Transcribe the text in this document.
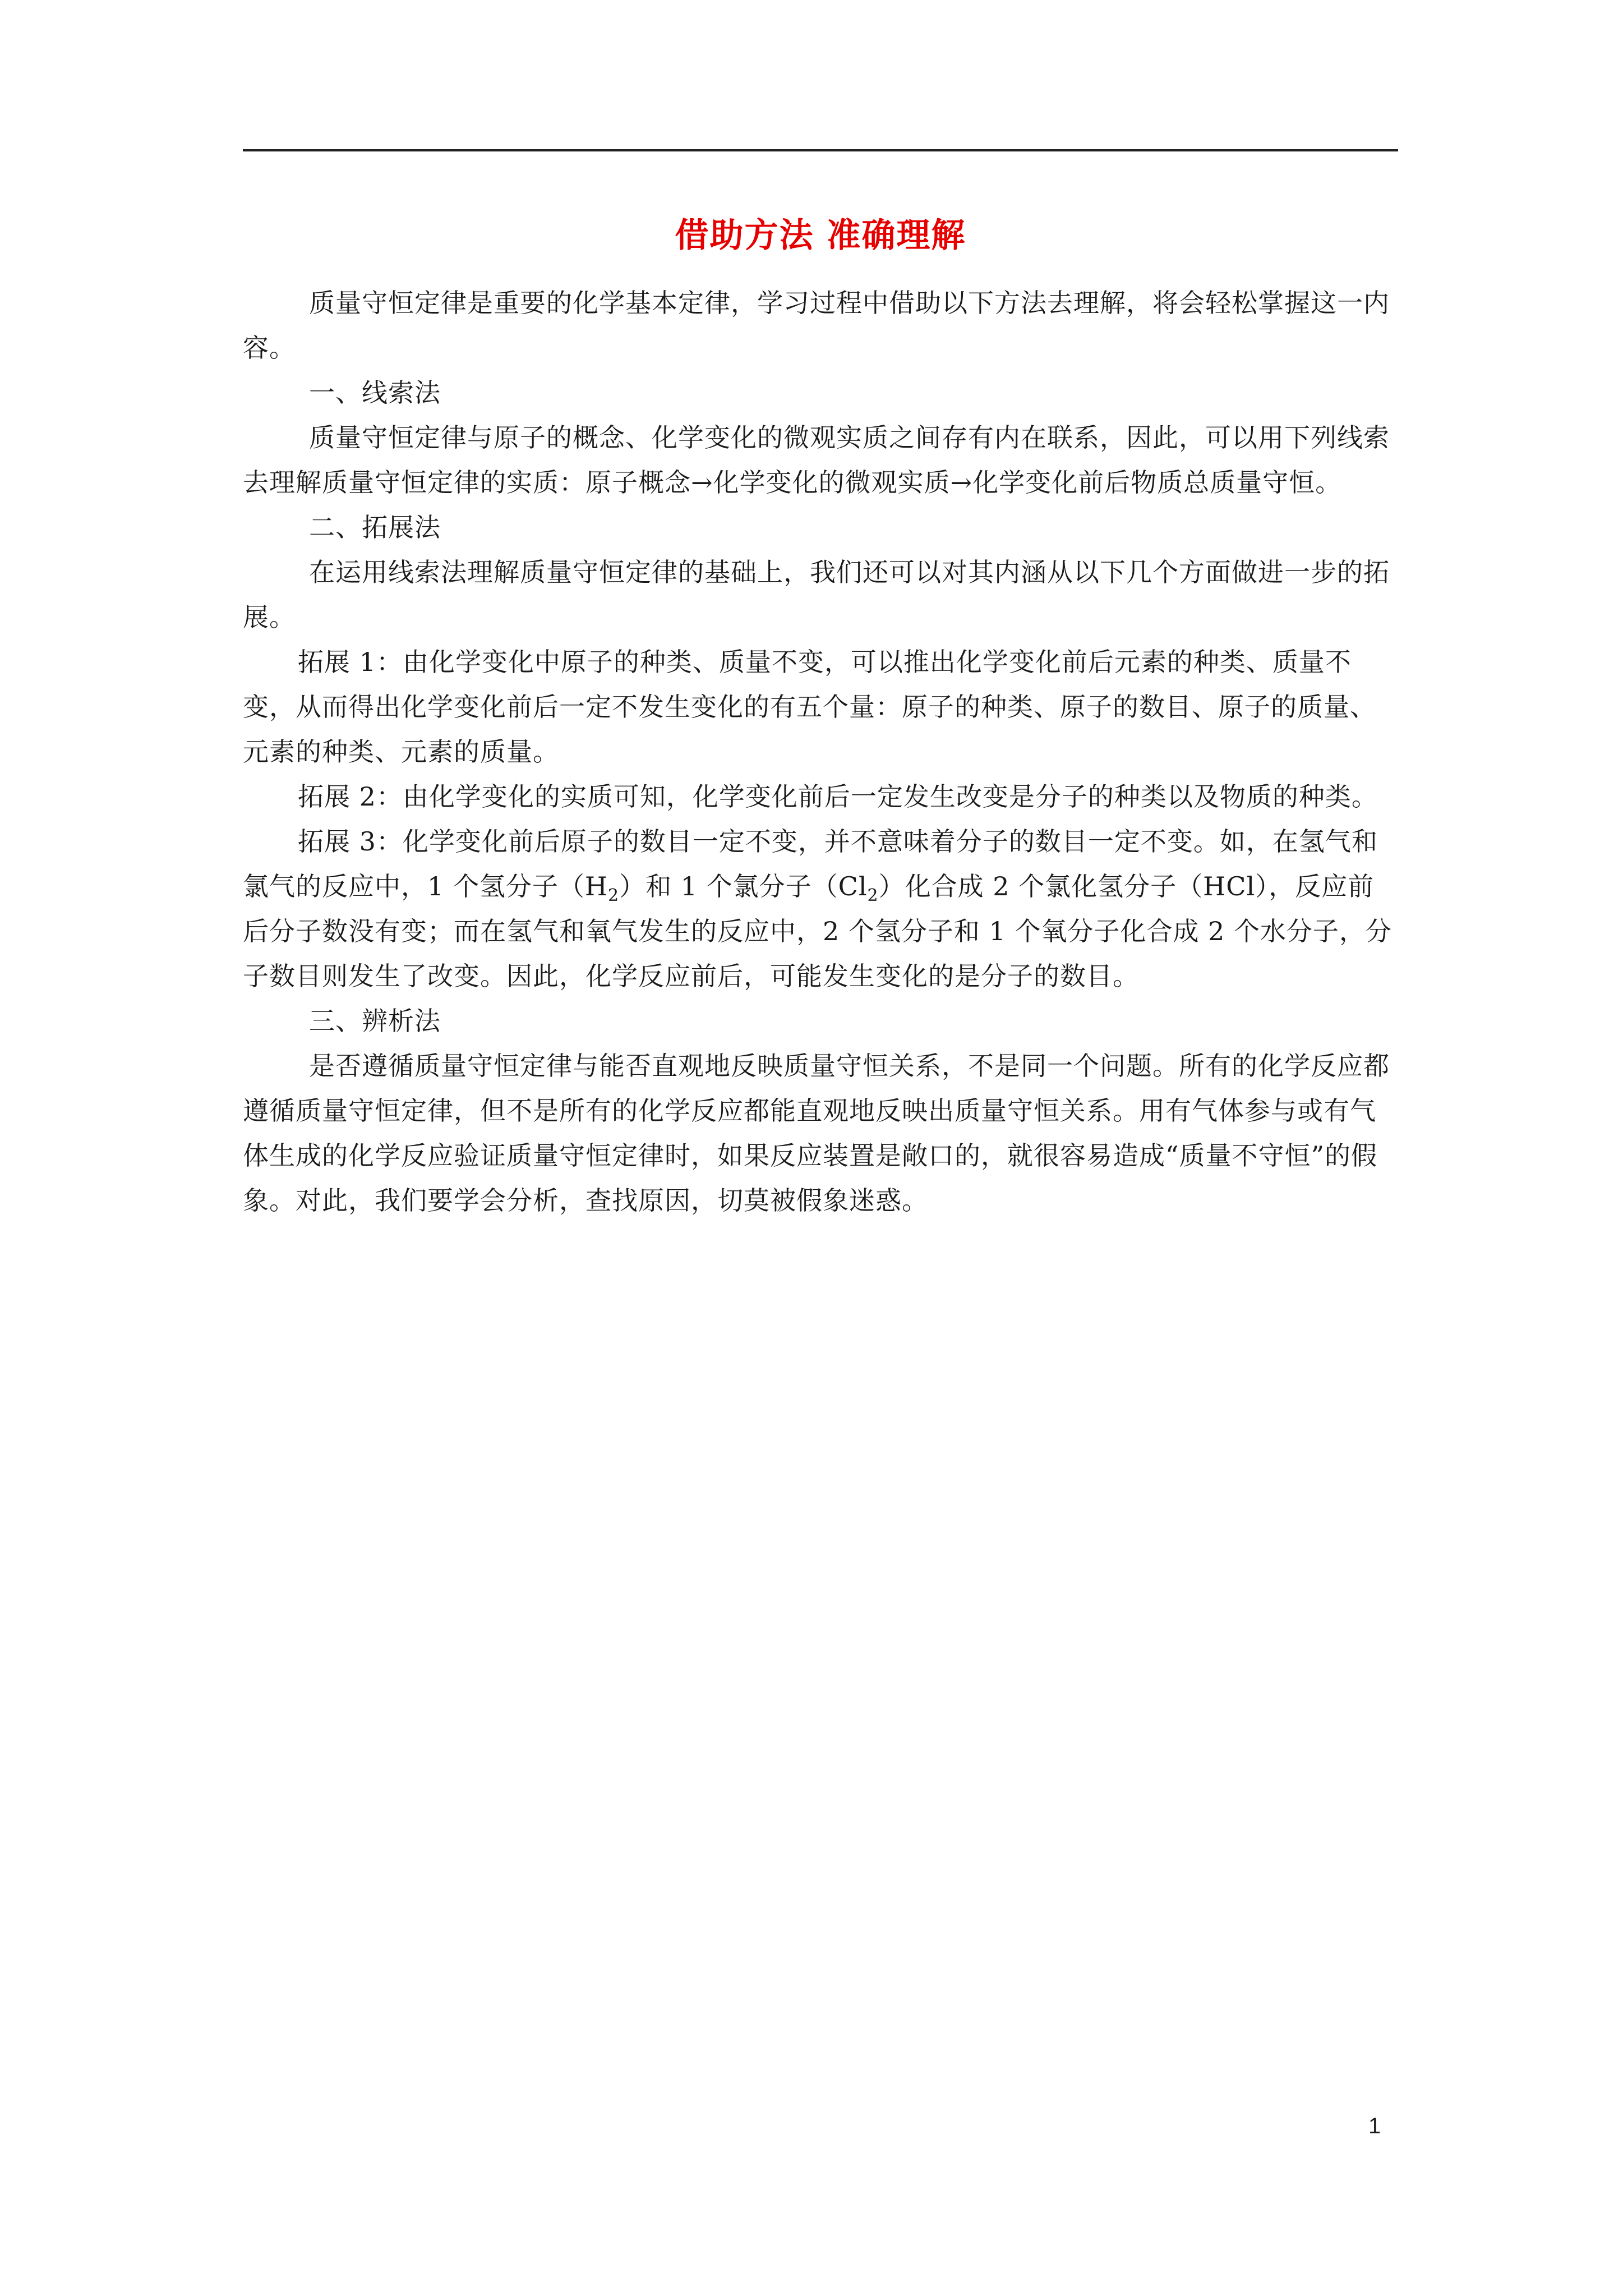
借助方法 准确理解

质量守恒定律是重要的化学基本定律，学习过程中借助以下方法去理解，将会轻松掌握这一内容。

一、线索法

质量守恒定律与原子的概念、化学变化的微观实质之间存有内在联系，因此，可以用下列线索去理解质量守恒定律的实质：原子概念→化学变化的微观实质→化学变化前后物质总质量守恒。

二、拓展法

在运用线索法理解质量守恒定律的基础上，我们还可以对其内涵从以下几个方面做进一步的拓展。

拓展 1：由化学变化中原子的种类、质量不变，可以推出化学变化前后元素的种类、质量不变，从而得出化学变化前后一定不发生变化的有五个量：原子的种类、原子的数目、原子的质量、元素的种类、元素的质量。

拓展 2：由化学变化的实质可知，化学变化前后一定发生改变是分子的种类以及物质的种类。

拓展 3：化学变化前后原子的数目一定不变，并不意味着分子的数目一定不变。如，在氢气和氯气的反应中，1 个氢分子$(H_2)$和 1 个氯分子$(Cl_2)$化合成 2 个氯化氢分子（HCl），反应前后分子数没有变；而在氢气和氧气发生的反应中，2 个氢分子和 1 个氧分子化合成 2 个水分子，分子数目则发生了改变。因此，化学反应前后，可能发生变化的是分子的数目。

三、辨析法

是否遵循质量守恒定律与能否直观地反映质量守恒关系，不是同一个问题。所有的化学反应都遵循质量守恒定律，但不是所有的化学反应都能直观地反映出质量守恒关系。用有气体参与或有气体生成的化学反应验证质量守恒定律时，如果反应装置是敞口的，就很容易造成“质量不守恒”的假象。对此，我们要学会分析，查找原因，切莫被假象迷惑。

1
